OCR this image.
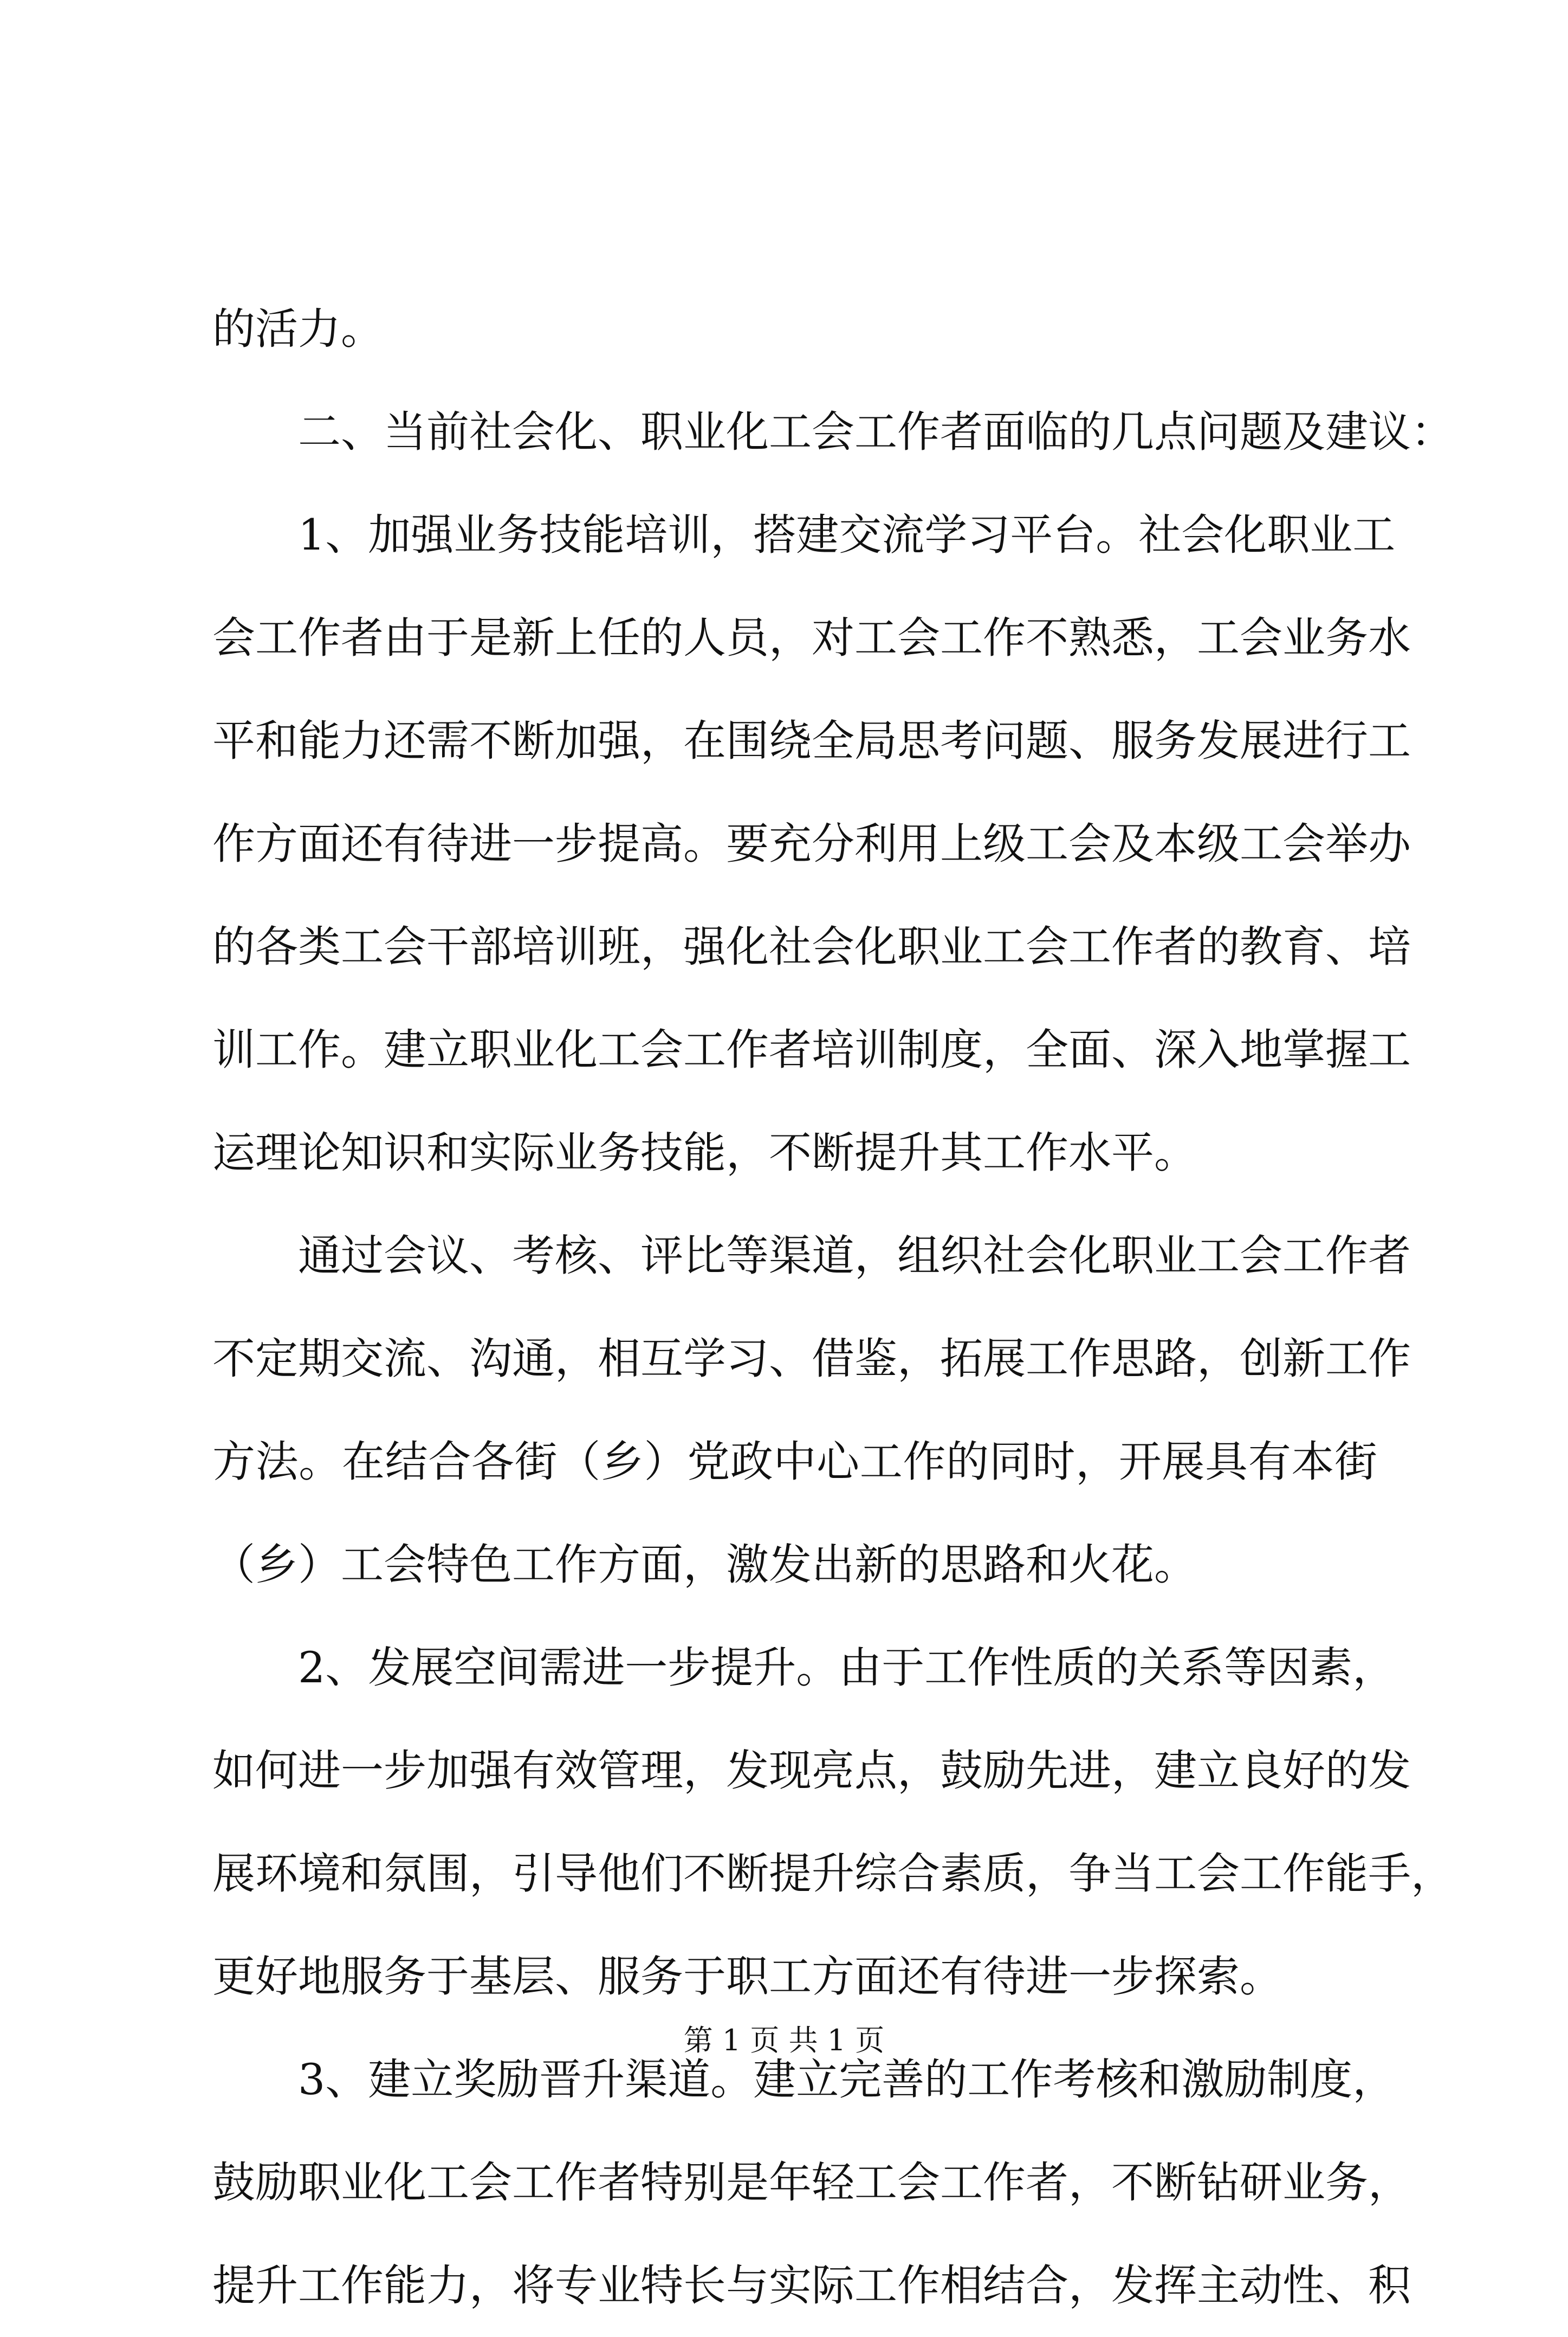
的活力。
二、当前社会化、职业化工会工作者面临的几点问题及建议：
1、加强业务技能培训，搭建交流学习平台。社会化职业工
会工作者由于是新上任的人员，对工会工作不熟悉，工会业务水
平和能力还需不断加强，在围绕全局思考问题、服务发展进行工
作方面还有待进一步提高。要充分利用上级工会及本级工会举办
的各类工会干部培训班，强化社会化职业工会工作者的教育、培
训工作。建立职业化工会工作者培训制度，全面、深入地掌握工
运理论知识和实际业务技能，不断提升其工作水平。
通过会议、考核、评比等渠道，组织社会化职业工会工作者
不定期交流、沟通，相互学习、借鉴，拓展工作思路，创新工作
方法。在结合各街（乡）党政中心工作的同时，开展具有本街
（乡）工会特色工作方面，激发出新的思路和火花。
2、发展空间需进一步提升。由于工作性质的关系等因素，
如何进一步加强有效管理，发现亮点，鼓励先进，建立良好的发
展环境和氛围，引导他们不断提升综合素质，争当工会工作能手，
更好地服务于基层、服务于职工方面还有待进一步探索。
3、建立奖励晋升渠道。建立完善的工作考核和激励制度，
鼓励职业化工会工作者特别是年轻工会工作者，不断钻研业务，
提升工作能力，将专业特长与实际工作相结合，发挥主动性、积
第 1 页 共 1 页
